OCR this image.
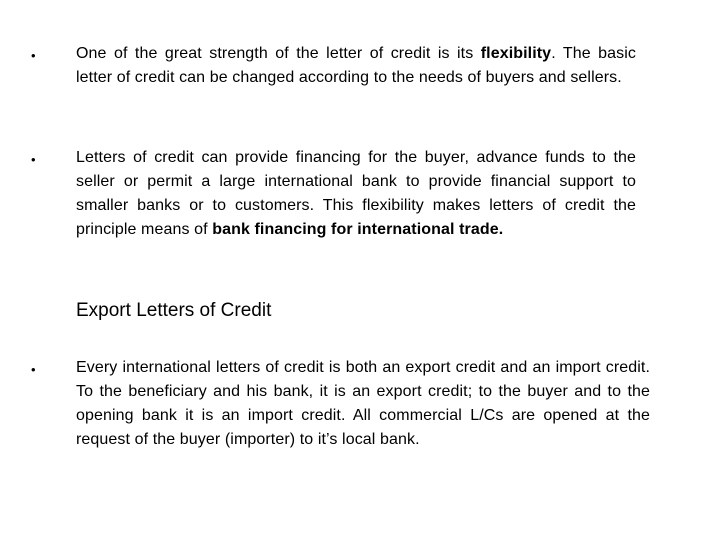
•	One of the great strength of the letter of credit is its flexibility. The basic letter of credit can be changed according to the needs of buyers and sellers.
•	Letters of credit can provide financing for the buyer, advance funds to the seller or permit a large international bank to provide financial support to smaller banks or to customers. This flexibility makes letters of credit the principle means of bank financing for international trade.
Export Letters of Credit
•	Every international letters of credit is both an export credit and an import credit. To the beneficiary and his bank, it is an export credit; to the buyer and to the opening bank it is an import credit. All commercial L/Cs are opened at the request of the buyer (importer) to it’s local bank.
